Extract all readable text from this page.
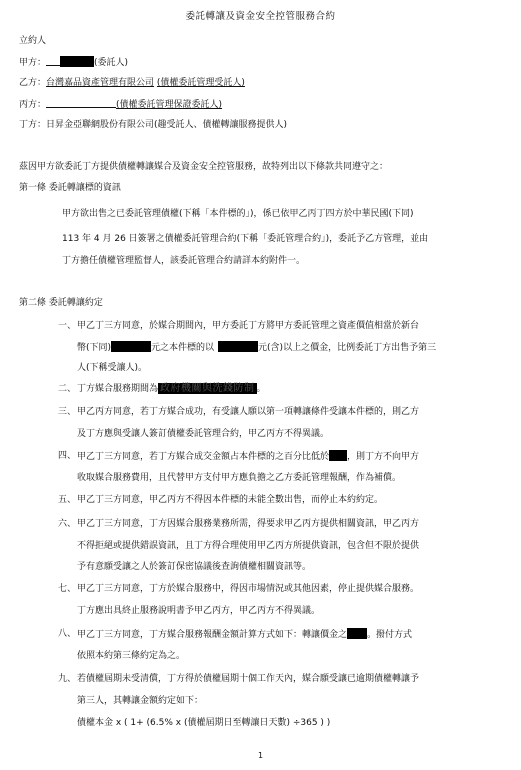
委託轉讓及資金安全控管服務合約
立約人
甲方：	(委託人)
乙方：台灣嘉品資產管理有限公司 (債權委託管理受託人)
丙方：	(債權委託管理保證委託人)
丁方：日昇金亞聯網股份有限公司(趣受託人、債權轉讓服務提供人)
茲因甲方欲委託丁方提供債權轉讓媒合及資金安全控管服務，故特列出以下條款共同遵守之：
第一條 委託轉讓標的資訊
甲方欲出售之已委託管理債權(下稱「本件標的」)，係已依甲乙丙丁四方於中華民國(下同)
113 年 4 月 26 日簽署之債權委託管理合約(下稱「委託管理合約」)，委託予乙方管理，並由
丁方擔任債權管理監督人，該委託管理合約請詳本約附件一。
第二條 委託轉讓約定
一、 甲乙丁三方同意，於媒合期間內，甲方委託丁方將甲方委託管理之資產價值相當於新台
幣(下同)	元之本件標的以	元(含)以上之價金，比例委託丁方出售予第三
人(下稱受讓人)。
二、 丁方媒合服務期間為 政府機關與洗錢防制 。
三、 甲乙丙方同意，若丁方媒合成功，有受讓人願以第一項轉讓條件受讓本件標的，則乙方
及丁方應與受讓人簽訂債權委託管理合約，甲乙丙方不得異議。
四、 甲乙丁三方同意，若丁方媒合成交金額占本件標的之百分比低於 ，則丁方不向甲方
收取媒合服務費用，且代替甲方支付甲方應負擔之乙方委託管理報酬，作為補償。
五、 甲乙丁三方同意，甲乙丙方不得因本件標的未能全數出售，而停止本約約定。
六、 甲乙丁三方同意，丁方因媒合服務業務所需，得要求甲乙丙方提供相關資訊，甲乙丙方
不得拒絕或提供錯誤資訊，且丁方得合理使用甲乙丙方所提供資訊，包含但不限於提供
予有意願受讓之人於簽訂保密協議後查詢債權相關資訊等。
七、 甲乙丁三方同意，丁方於媒合服務中，得因市場情況或其他因素，停止提供媒合服務。
丁方應出具終止服務說明書予甲乙丙方，甲乙丙方不得異議。
八、 甲乙丁三方同意，丁方媒合服務報酬金額計算方式如下：轉讓價金之 。撥付方式
依照本約第三條約定為之。
九、 若債權屆期未受清償，丁方得於債權屆期十個工作天內，媒合願受讓已逾期債權轉讓予
第三人，其轉讓金額約定如下：
債權本金 x ( 1+ (6.5% x (債權屆期日至轉讓日天數) ÷365 ) )
1
